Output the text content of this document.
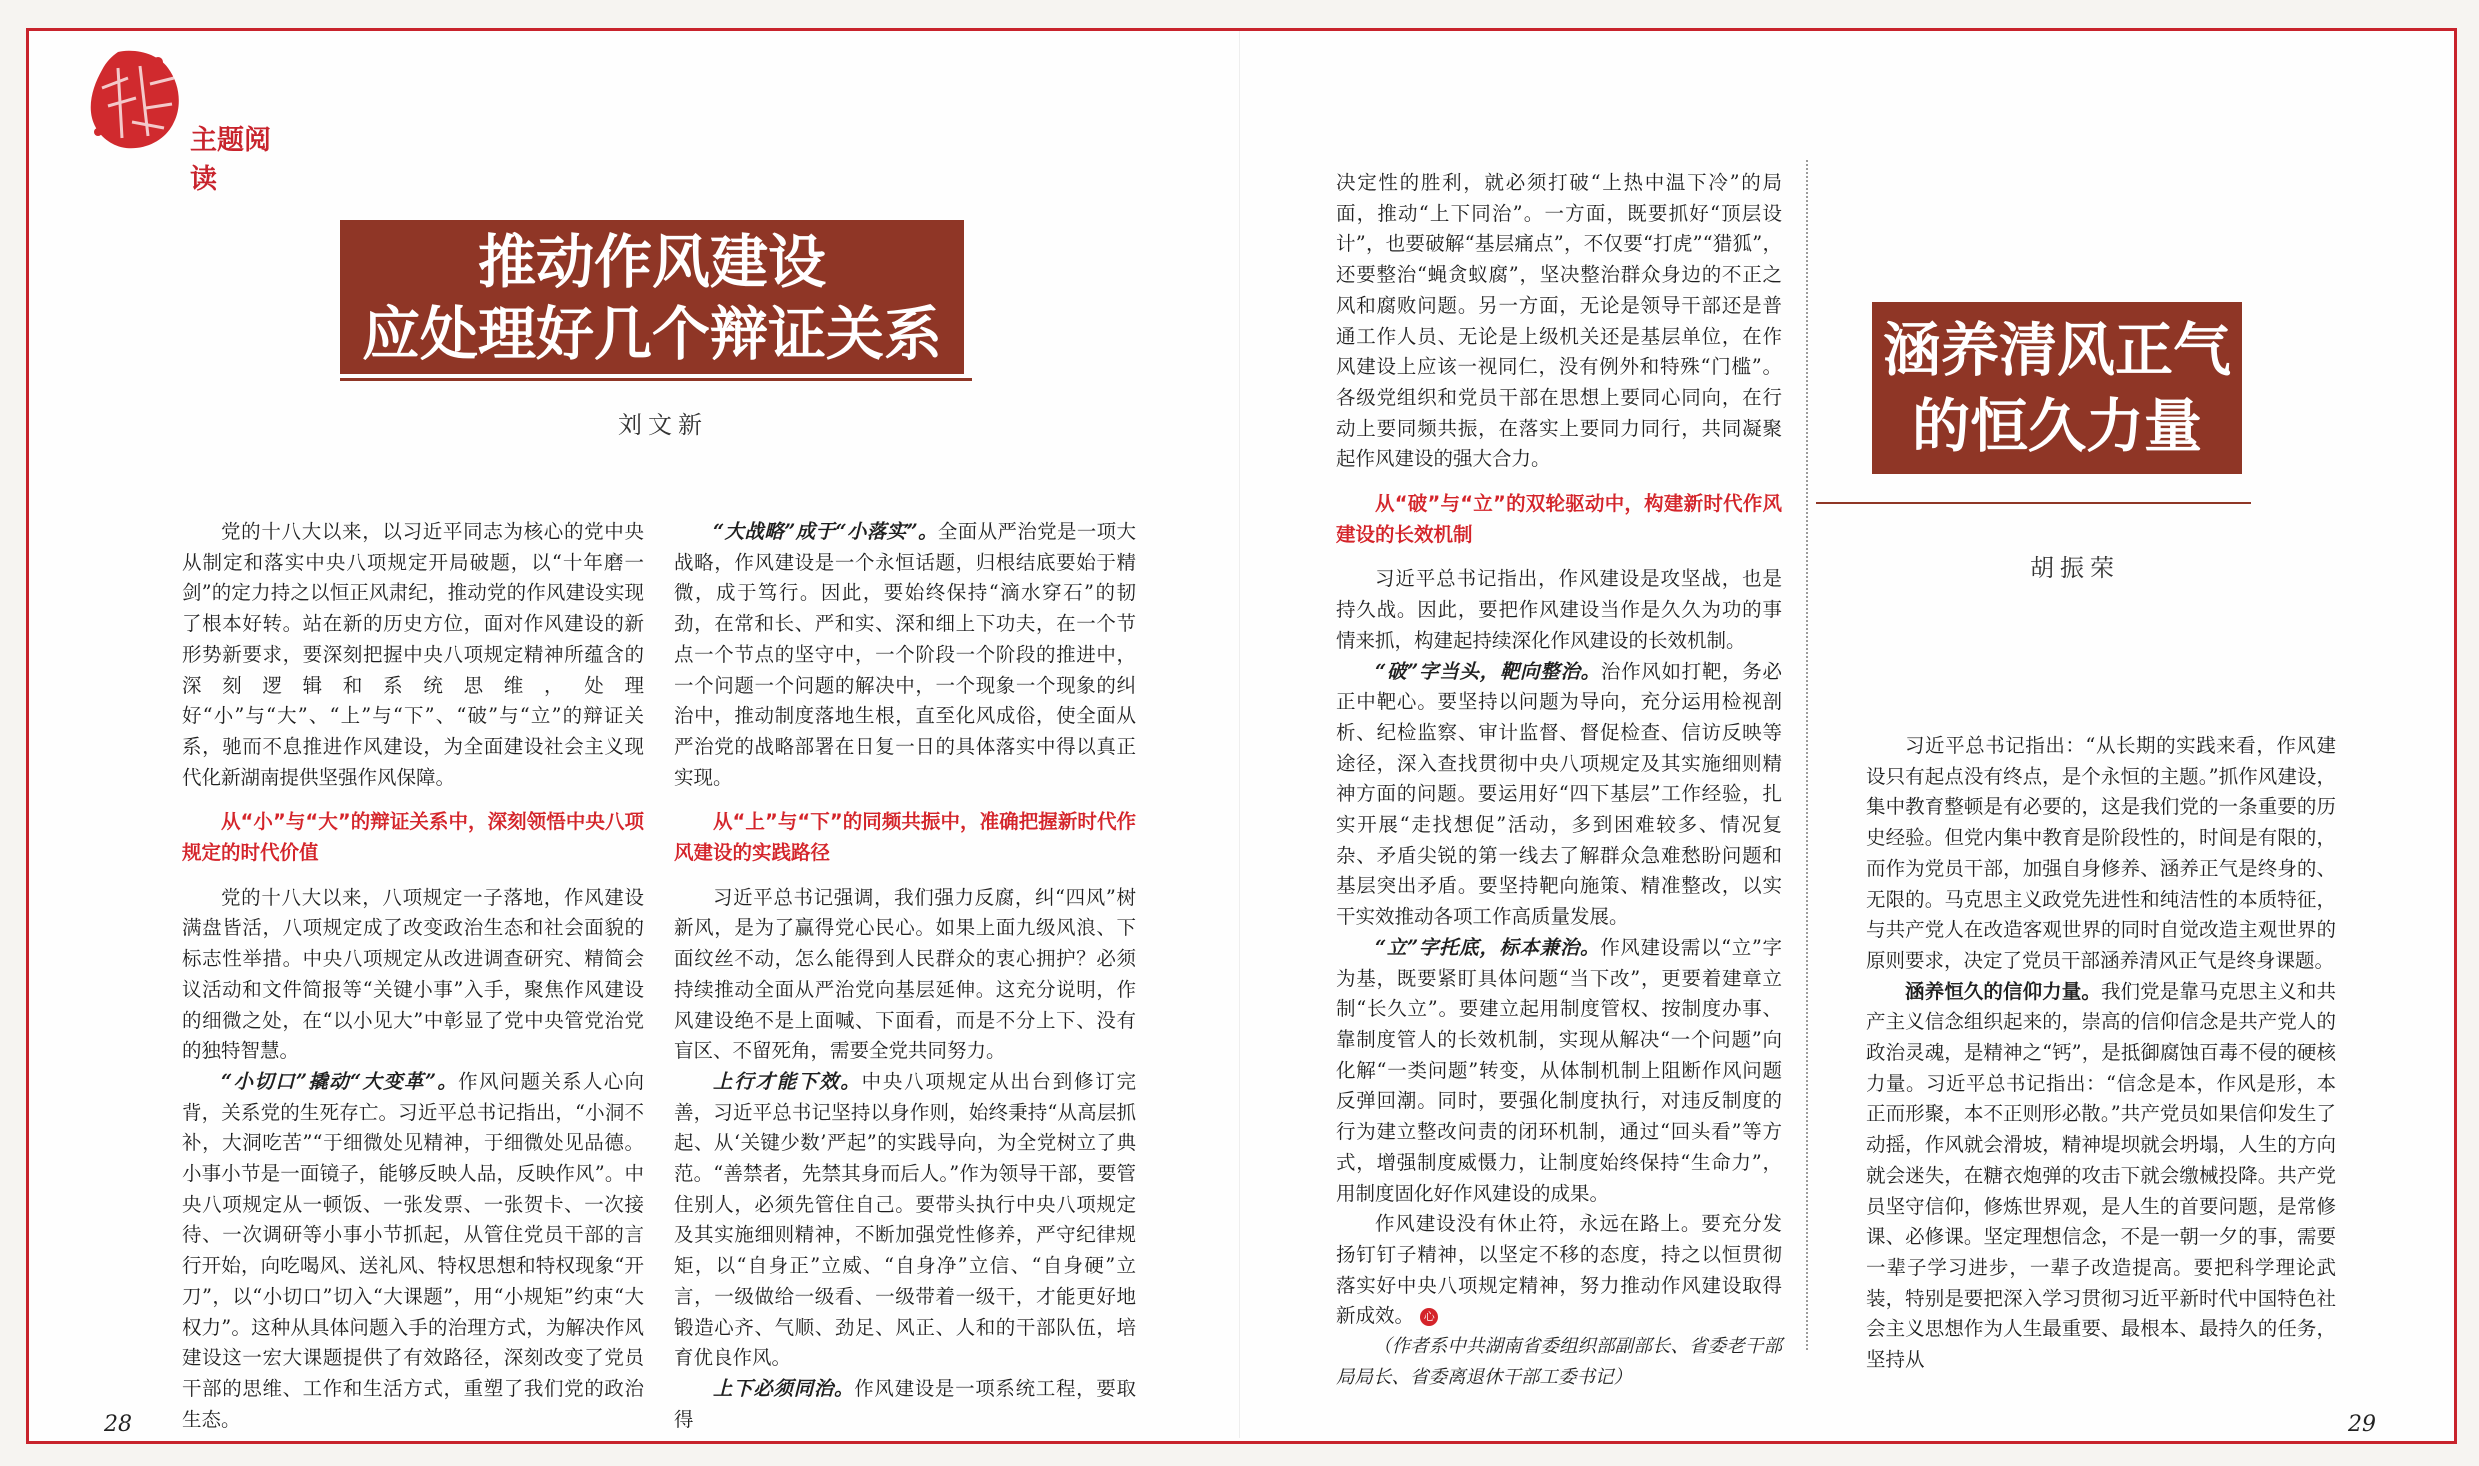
主题阅读
推动作风建设
应处理好几个辩证关系
刘文新

党的十八大以来，以习近平同志为核心的党中央从制定和落实中央八项规定开局破题，以“十年磨一剑”的定力持之以恒正风肃纪，推动党的作风建设实现了根本好转。站在新的历史方位，面对作风建设的新形势新要求，要深刻把握中央八项规定精神所蕴含的深刻逻辑和系统思维，处理好“小”与“大”、“上”与“下”、“破”与“立”的辩证关系，驰而不息推进作风建设，为全面建设社会主义现代化新湖南提供坚强作风保障。

从“小”与“大”的辩证关系中，深刻领悟中央八项规定的时代价值

党的十八大以来，八项规定一子落地，作风建设满盘皆活，八项规定成了改变政治生态和社会面貌的标志性举措。中央八项规定从改进调查研究、精简会议活动和文件简报等“关键小事”入手，聚焦作风建设的细微之处，在“以小见大”中彰显了党中央管党治党的独特智慧。

“小切口”撬动“大变革”。作风问题关系人心向背，关系党的生死存亡。习近平总书记指出，“小洞不补，大洞吃苦”“于细微处见精神，于细微处见品德。小事小节是一面镜子，能够反映人品，反映作风”。中央八项规定从一顿饭、一张发票、一张贺卡、一次接待、一次调研等小事小节抓起，从管住党员干部的言行开始，向吃喝风、送礼风、特权思想和特权现象“开刀”，以“小切口”切入“大课题”，用“小规矩”约束“大权力”。这种从具体问题入手的治理方式，为解决作风建设这一宏大课题提供了有效路径，深刻改变了党员干部的思维、工作和生活方式，重塑了我们党的政治生态。

“大战略”成于“小落实”。全面从严治党是一项大战略，作风建设是一个永恒话题，归根结底要始于精微，成于笃行。因此，要始终保持“滴水穿石”的韧劲，在常和长、严和实、深和细上下功夫，在一个节点一个节点的坚守中，一个阶段一个阶段的推进中，一个问题一个问题的解决中，一个现象一个现象的纠治中，推动制度落地生根，直至化风成俗，使全面从严治党的战略部署在日复一日的具体落实中得以真正实现。

从“上”与“下”的同频共振中，准确把握新时代作风建设的实践路径

习近平总书记强调，我们强力反腐，纠“四风”树新风，是为了赢得党心民心。如果上面九级风浪、下面纹丝不动，怎么能得到人民群众的衷心拥护？必须持续推动全面从严治党向基层延伸。这充分说明，作风建设绝不是上面喊、下面看，而是不分上下、没有盲区、不留死角，需要全党共同努力。

上行才能下效。中央八项规定从出台到修订完善，习近平总书记坚持以身作则，始终秉持“从高层抓起、从‘关键少数’严起”的实践导向，为全党树立了典范。“善禁者，先禁其身而后人。”作为领导干部，要管住别人，必须先管住自己。要带头执行中央八项规定及其实施细则精神，不断加强党性修养，严守纪律规矩，以“自身正”立威、“自身净”立信、“自身硬”立言，一级做给一级看、一级带着一级干，才能更好地锻造心齐、气顺、劲足、风正、人和的干部队伍，培育优良作风。

上下必须同治。作风建设是一项系统工程，要取得

决定性的胜利，就必须打破“上热中温下冷”的局面，推动“上下同治”。一方面，既要抓好“顶层设计”，也要破解“基层痛点”，不仅要“打虎”“猎狐”，还要整治“蝇贪蚁腐”，坚决整治群众身边的不正之风和腐败问题。另一方面，无论是领导干部还是普通工作人员、无论是上级机关还是基层单位，在作风建设上应该一视同仁，没有例外和特殊“门槛”。各级党组织和党员干部在思想上要同心同向，在行动上要同频共振，在落实上要同力同行，共同凝聚起作风建设的强大合力。

从“破”与“立”的双轮驱动中，构建新时代作风建设的长效机制

习近平总书记指出，作风建设是攻坚战，也是持久战。因此，要把作风建设当作是久久为功的事情来抓，构建起持续深化作风建设的长效机制。

“破”字当头，靶向整治。治作风如打靶，务必正中靶心。要坚持以问题为导向，充分运用检视剖析、纪检监察、审计监督、督促检查、信访反映等途径，深入查找贯彻中央八项规定及其实施细则精神方面的问题。要运用好“四下基层”工作经验，扎实开展“走找想促”活动，多到困难较多、情况复杂、矛盾尖锐的第一线去了解群众急难愁盼问题和基层突出矛盾。要坚持靶向施策、精准整改，以实干实效推动各项工作高质量发展。

“立”字托底，标本兼治。作风建设需以“立”字为基，既要紧盯具体问题“当下改”，更要着建章立制“长久立”。要建立起用制度管权、按制度办事、靠制度管人的长效机制，实现从解决“一个问题”向化解“一类问题”转变，从体制机制上阻断作风问题反弹回潮。同时，要强化制度执行，对违反制度的行为建立整改问责的闭环机制，通过“回头看”等方式，增强制度威慑力，让制度始终保持“生命力”，用制度固化好作风建设的成果。

作风建设没有休止符，永远在路上。要充分发扬钉钉子精神，以坚定不移的态度，持之以恒贯彻落实好中央八项规定精神，努力推动作风建设取得新成效。 心

（作者系中共湖南省委组织部副部长、省委老干部局局长、省委离退休干部工委书记）

涵养清风正气
的恒久力量
胡振荣

习近平总书记指出：“从长期的实践来看，作风建设只有起点没有终点，是个永恒的主题。”抓作风建设，集中教育整顿是有必要的，这是我们党的一条重要的历史经验。但党内集中教育是阶段性的，时间是有限的，而作为党员干部，加强自身修养、涵养正气是终身的、无限的。马克思主义政党先进性和纯洁性的本质特征，与共产党人在改造客观世界的同时自觉改造主观世界的原则要求，决定了党员干部涵养清风正气是终身课题。

涵养恒久的信仰力量。我们党是靠马克思主义和共产主义信念组织起来的，崇高的信仰信念是共产党人的政治灵魂，是精神之“钙”，是抵御腐蚀百毒不侵的硬核力量。习近平总书记指出：“信念是本，作风是形，本正而形聚，本不正则形必散。”共产党员如果信仰发生了动摇，作风就会滑坡，精神堤坝就会坍塌，人生的方向就会迷失，在糖衣炮弹的攻击下就会缴械投降。共产党员坚守信仰，修炼世界观，是人生的首要问题，是常修课、必修课。坚定理想信念，不是一朝一夕的事，需要一辈子学习进步，一辈子改造提高。要把科学理论武装，特别是要把深入学习贯彻习近平新时代中国特色社会主义思想作为人生最重要、最根本、最持久的任务，坚持从

28	29
